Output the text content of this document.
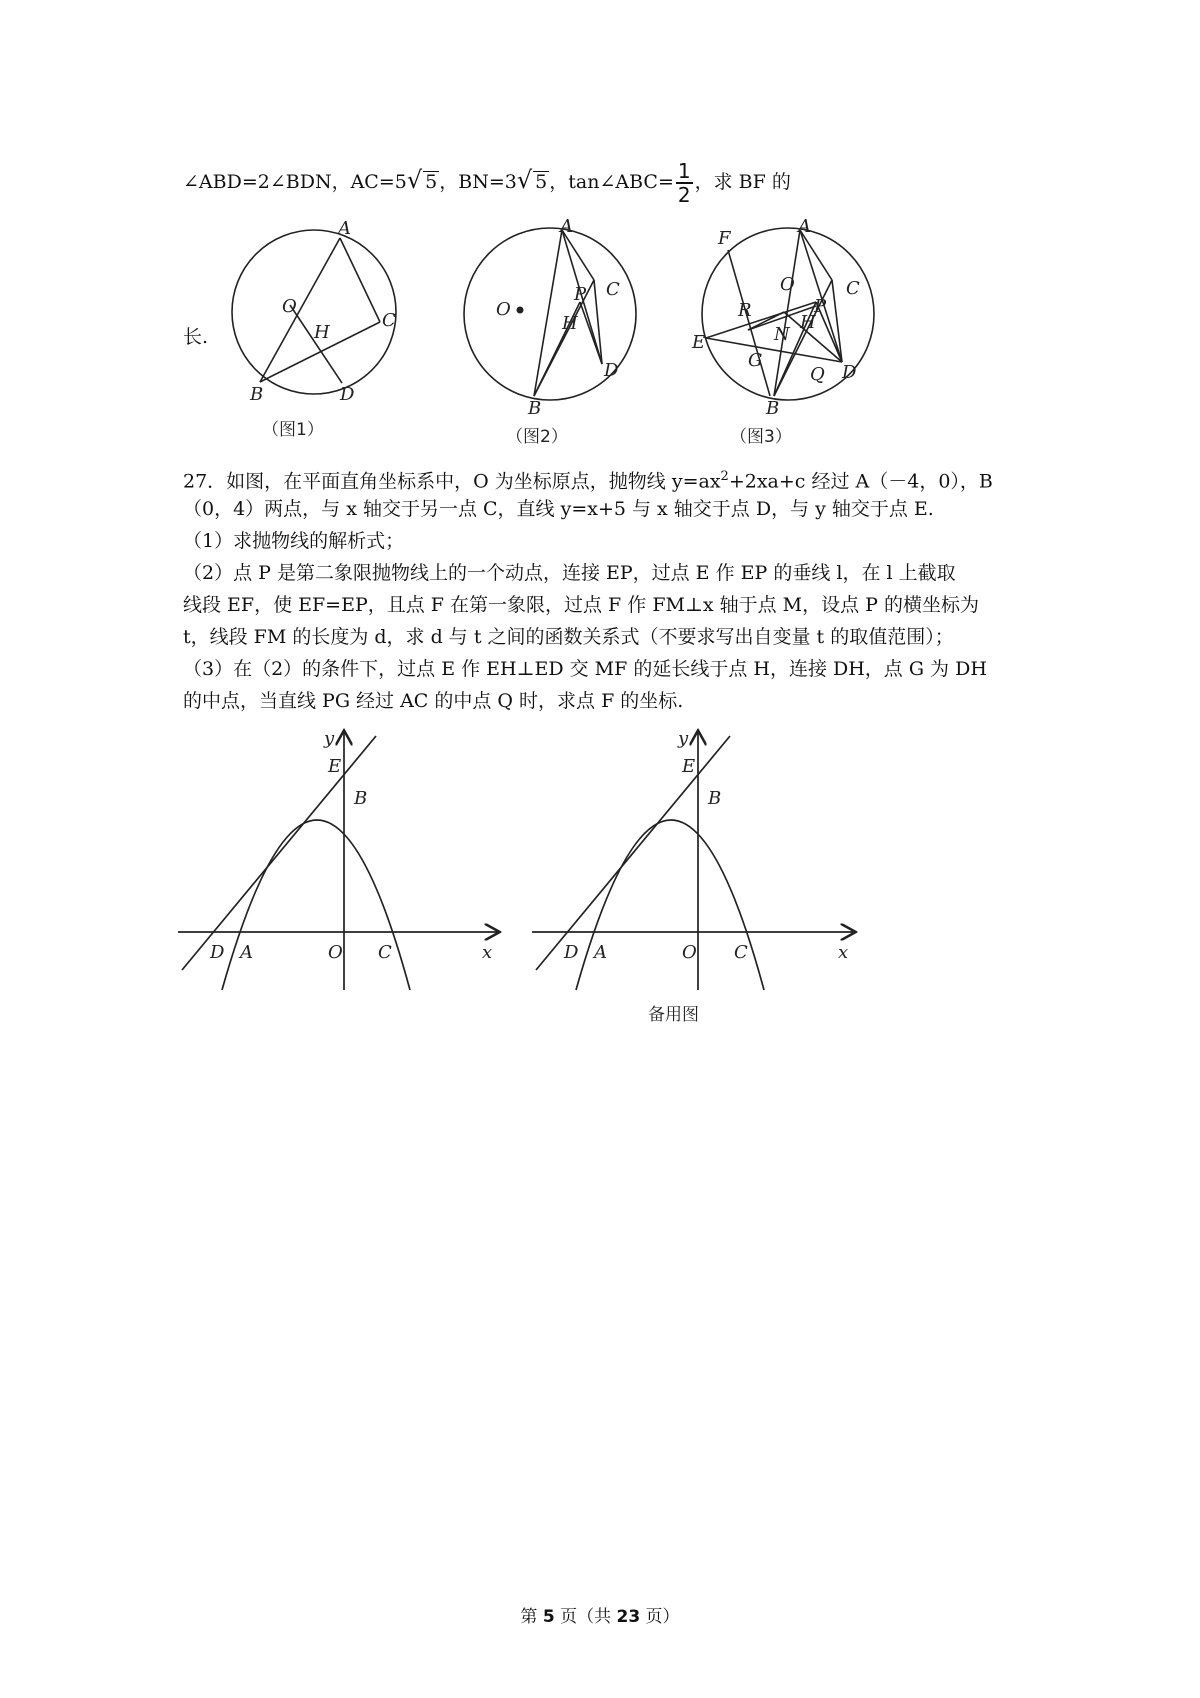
∠ABD=2∠BDN，AC=5√ 5 ，BN=3√ 5 ，tan∠ABC= $\frac{1}{2}$ ，求 BF 的
长.
A
O
H
C
B	D
（图1）
A
O
P C
H
D
B
（图2）
F
A
O	C
R	P
E	N
H
G
D
Q
B
（图3）
27．如图，在平面直角坐标系中，O 为坐标原点，抛物线 $y=ax^2+2xa+c$ 经过 A（－4，0），B
（0，4）两点，与 x 轴交于另一点 C，直线 y=x+5 与 x 轴交于点 D，与 y 轴交于点 E.
（1）求抛物线的解析式；
（2）点 P 是第二象限抛物线上的一个动点，连接 EP，过点 E 作 EP 的垂线 l，在 l 上截取
线段 EF，使 EF=EP，且点 F 在第一象限，过点 F 作 FM⊥x 轴于点 M，设点 P 的横坐标为
t，线段 FM 的长度为 d，求 d 与 t 之间的函数关系式（不要求写出自变量 t 的取值范围）；
（3）在（2）的条件下，过点 E 作 EH⊥ED 交 MF 的延长线于点 H，连接 DH，点 G 为 DH
的中点，当直线 PG 经过 AC 的中点 Q 时，求点 F 的坐标.
y
E
B
D A	O C	x
y
E
B
D A	O C	x
备用图
第 5 页（共 23 页）
